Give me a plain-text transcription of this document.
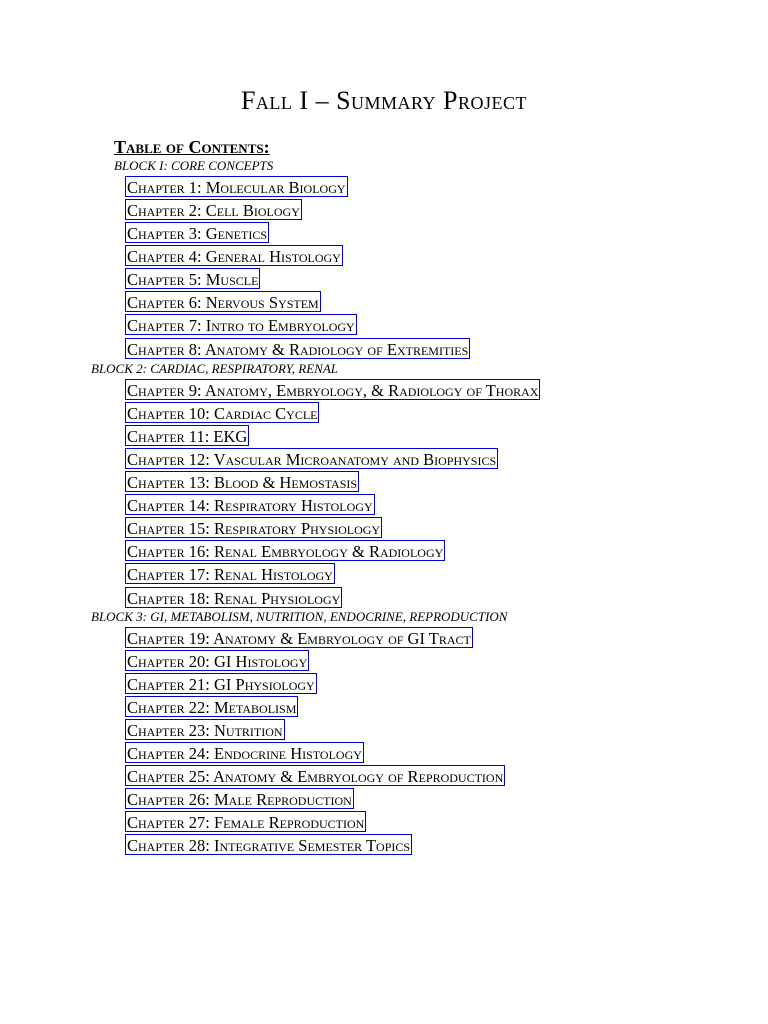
Fall I – Summary Project
Table of Contents:
BLOCK I: CORE CONCEPTS
Chapter 1: Molecular Biology
Chapter 2: Cell Biology
Chapter 3: Genetics
Chapter 4: General Histology
Chapter 5: Muscle
Chapter 6: Nervous System
Chapter 7: Intro to Embryology
Chapter 8: Anatomy & Radiology of Extremities
BLOCK 2: CARDIAC, RESPIRATORY, RENAL
Chapter 9: Anatomy, Embryology, & Radiology of Thorax
Chapter 10: Cardiac Cycle
Chapter 11: EKG
Chapter 12: Vascular Microanatomy and Biophysics
Chapter 13: Blood & Hemostasis
Chapter 14: Respiratory Histology
Chapter 15: Respiratory Physiology
Chapter 16: Renal Embryology & Radiology
Chapter 17: Renal Histology
Chapter 18: Renal Physiology
BLOCK 3: GI, METABOLISM, NUTRITION, ENDOCRINE, REPRODUCTION
Chapter 19: Anatomy & Embryology of GI Tract
Chapter 20: GI Histology
Chapter 21: GI Physiology
Chapter 22: Metabolism
Chapter 23: Nutrition
Chapter 24: Endocrine Histology
Chapter 25: Anatomy & Embryology of Reproduction
Chapter 26: Male Reproduction
Chapter 27: Female Reproduction
Chapter 28: Integrative Semester Topics
